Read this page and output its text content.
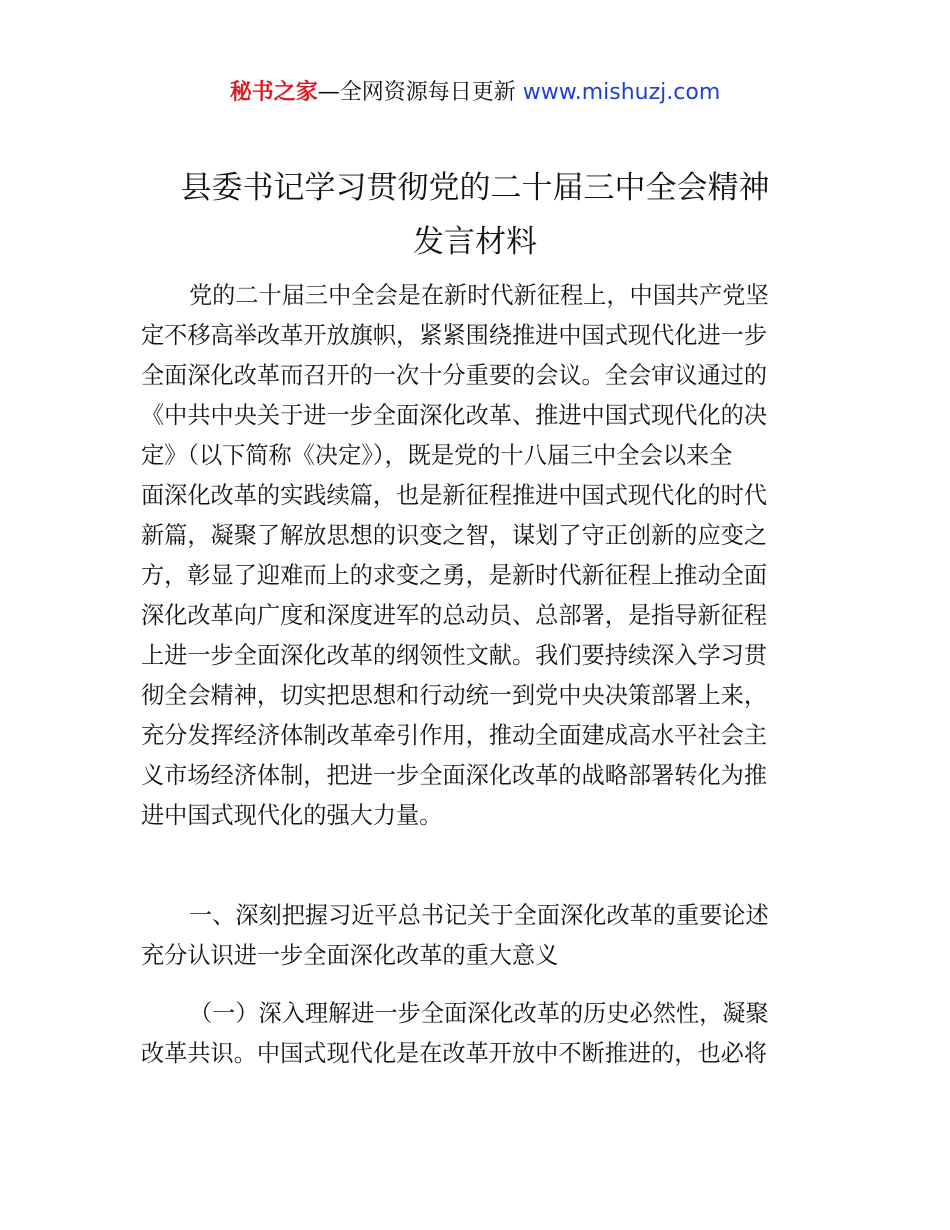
秘书之家—全网资源每日更新 www.mishuzj.com
县委书记学习贯彻党的二十届三中全会精神
发言材料
党的二十届三中全会是在新时代新征程上，中国共产党坚
定不移高举改革开放旗帜，紧紧围绕推进中国式现代化进一步
全面深化改革而召开的一次十分重要的会议。全会审议通过的
《中共中央关于进一步全面深化改革、推进中国式现代化的决
定》（以下简称《决定》），既是党的十八届三中全会以来全
面深化改革的实践续篇，也是新征程推进中国式现代化的时代
新篇，凝聚了解放思想的识变之智，谋划了守正创新的应变之
方，彰显了迎难而上的求变之勇，是新时代新征程上推动全面
深化改革向广度和深度进军的总动员、总部署，是指导新征程
上进一步全面深化改革的纲领性文献。我们要持续深入学习贯
彻全会精神，切实把思想和行动统一到党中央决策部署上来，
充分发挥经济体制改革牵引作用，推动全面建成高水平社会主
义市场经济体制，把进一步全面深化改革的战略部署转化为推
进中国式现代化的强大力量。
一、深刻把握习近平总书记关于全面深化改革的重要论述
充分认识进一步全面深化改革的重大意义
（一）深入理解进一步全面深化改革的历史必然性，凝聚
改革共识。中国式现代化是在改革开放中不断推进的，也必将
